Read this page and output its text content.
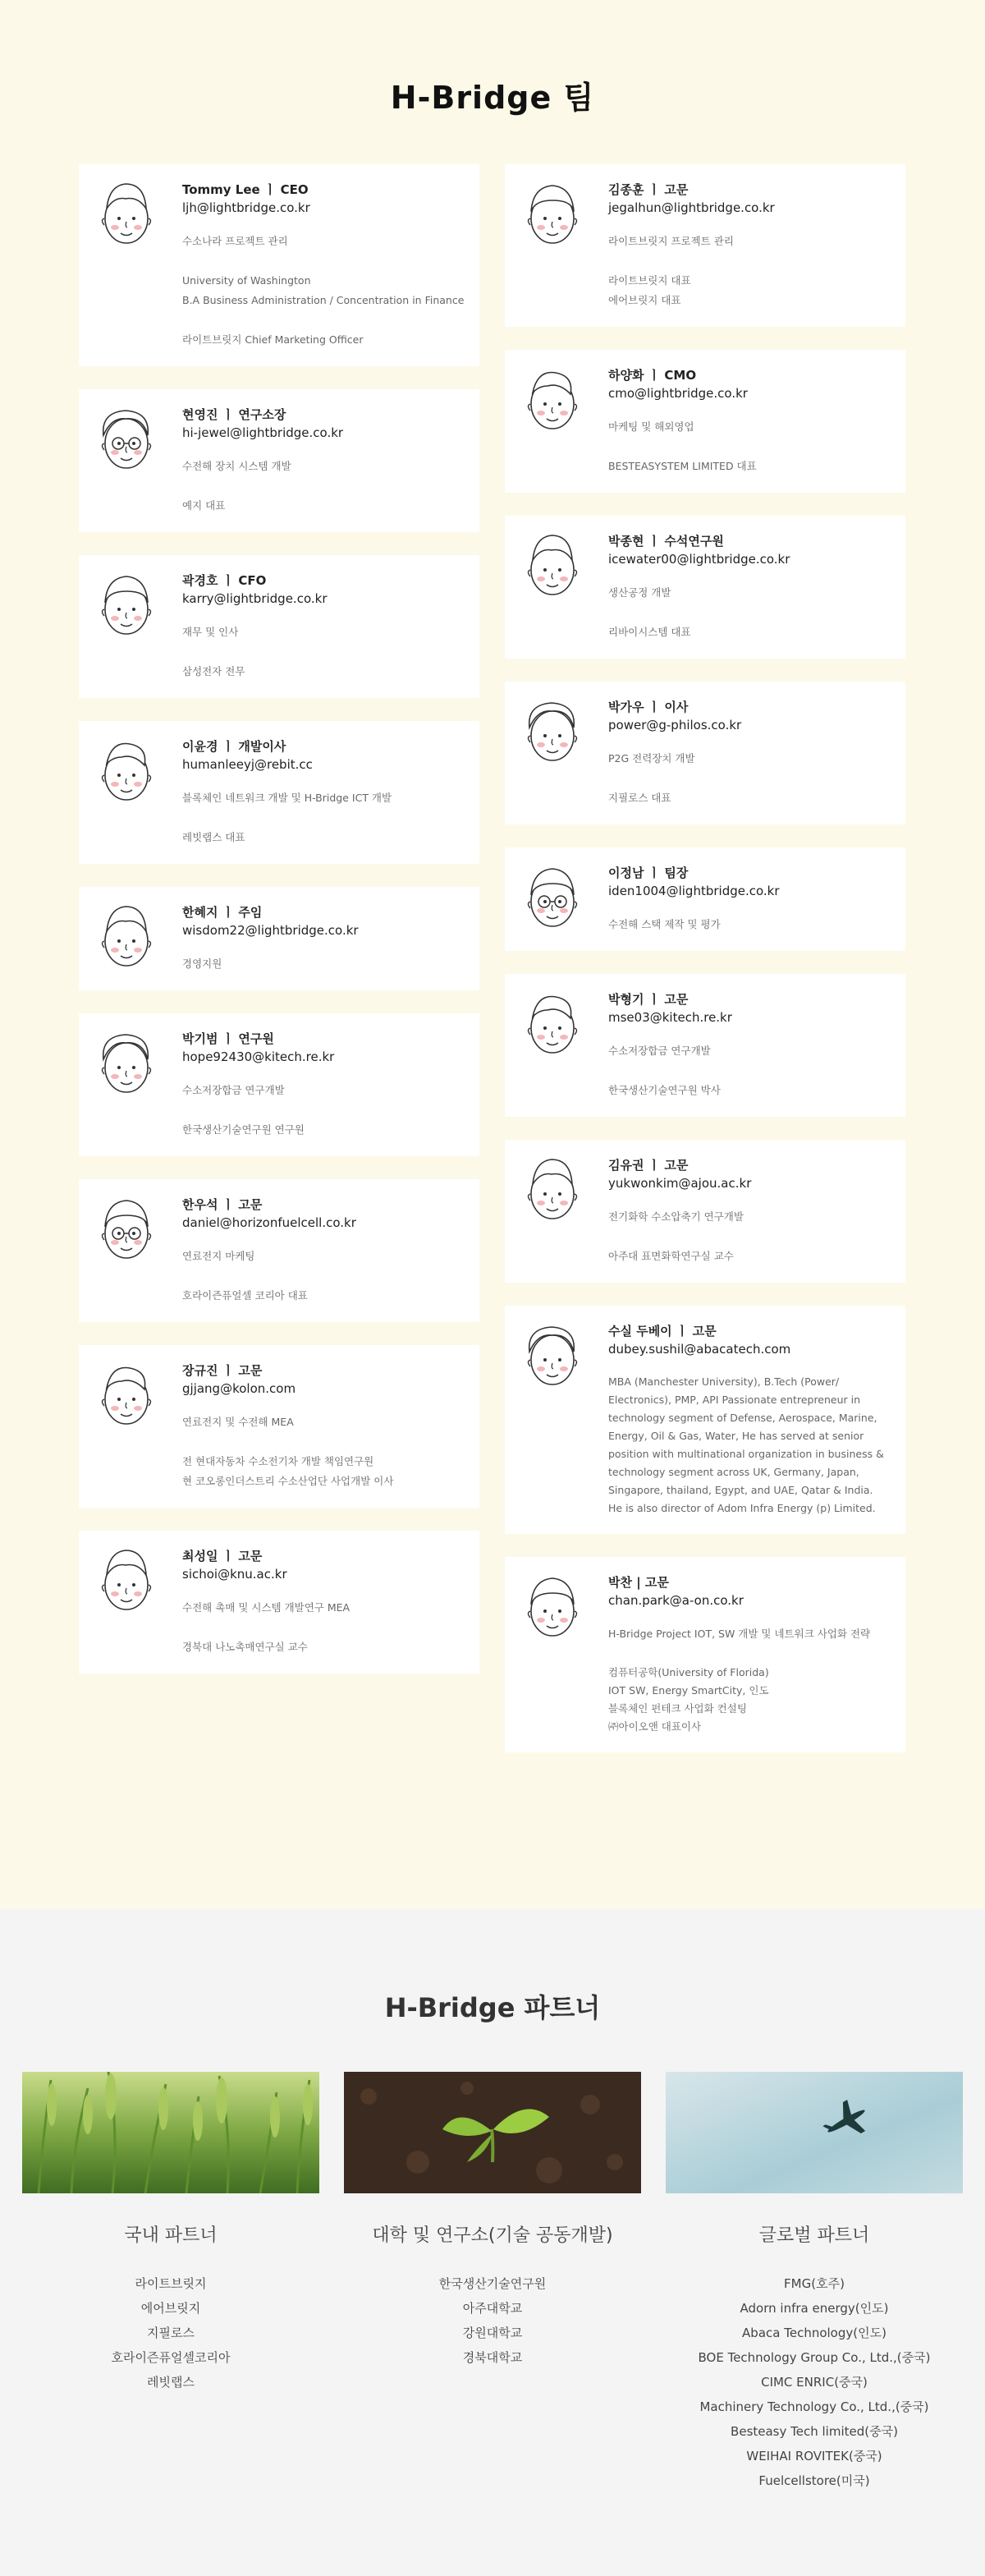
H-Bridge 팀
Tommy Lee ㅣ CEO
ljh@lightbridge.co.kr
수소나라 프로젝트 관리
University of Washington
B.A Business Administration / Concentration in Finance
라이트브릿지 Chief Marketing Officer
현영진 ㅣ 연구소장
hi-jewel@lightbridge.co.kr
수전해 장치 시스템 개발
예지 대표
곽경호 ㅣ CFO
karry@lightbridge.co.kr
재무 및 인사
삼성전자 전무
이윤경 ㅣ 개발이사
humanleeyj@rebit.cc
블록체인 네트워크 개발 및 H-Bridge ICT 개발
레빗랩스 대표
한혜지 ㅣ 주임
wisdom22@lightbridge.co.kr
경영지원
박기범 ㅣ 연구원
hope92430@kitech.re.kr
수소저장합금 연구개발
한국생산기술연구원 연구원
한우석 ㅣ 고문
daniel@horizonfuelcell.co.kr
연료전지 마케팅
호라이즌퓨얼셀 코리아 대표
장규진 ㅣ 고문
gjjang@kolon.com
연료전지 및 수전해 MEA
전 현대자동차 수소전기차 개발 책임연구원
현 코오롱인더스트리 수소산업단 사업개발 이사
최성일 ㅣ 고문
sichoi@knu.ac.kr
수전해 촉매 및 시스템 개발연구 MEA
경북대 나노촉매연구실 교수
김종훈 ㅣ 고문
jegalhun@lightbridge.co.kr
라이트브릿지 프로젝트 관리
라이트브릿지 대표
에어브릿지 대표
하양화 ㅣ CMO
cmo@lightbridge.co.kr
마케팅 및 해외영업
BESTEASYSTEM LIMITED 대표
박종현 ㅣ 수석연구원
icewater00@lightbridge.co.kr
생산공정 개발
리바이시스템 대표
박가우 ㅣ 이사
power@g-philos.co.kr
P2G 전력장치 개발
지필로스 대표
이정남 ㅣ 팀장
iden1004@lightbridge.co.kr
수전해 스택 제작 및 평가
박형기 ㅣ 고문
mse03@kitech.re.kr
수소저장합금 연구개발
한국생산기술연구원 박사
김유권 ㅣ 고문
yukwonkim@ajou.ac.kr
전기화학 수소압축기 연구개발
아주대 표면화학연구실 교수
수실 두베이 ㅣ 고문
dubey.sushil@abacatech.com
MBA (Manchester University), B.Tech (Power/
Electronics), PMP, API Passionate entrepreneur in
technology segment of Defense, Aerospace, Marine,
Energy, Oil & Gas, Water, He has served at senior
position with multinational organization in business &
technology segment across UK, Germany, Japan,
Singapore, thailand, Egypt, and UAE, Qatar & India.
He is also director of Adom Infra Energy (p) Limited.
박찬 | 고문
chan.park@a-on.co.kr
H-Bridge Project IOT, SW 개발 및 네트워크 사업화 전략
컴퓨터공학(University of Florida)
IOT SW, Energy SmartCity, 인도
블록체인 펀테크 사업화 컨설팅
㈜아이오앤 대표이사
H-Bridge 파트너
국내 파트너
라이트브릿지
에어브릿지
지필로스
호라이즌퓨얼셀코리아
레빗랩스
대학 및 연구소(기술 공동개발)
한국생산기술연구원
아주대학교
강원대학교
경북대학교
글로벌 파트너
FMG(호주)
Adorn infra energy(인도)
Abaca Technology(인도)
BOE Technology Group Co., Ltd.,(중국)
CIMC ENRIC(중국)
Machinery Technology Co., Ltd.,(중국)
Besteasy Tech limited(중국)
WEIHAI ROVITEK(중국)
Fuelcellstore(미국)
